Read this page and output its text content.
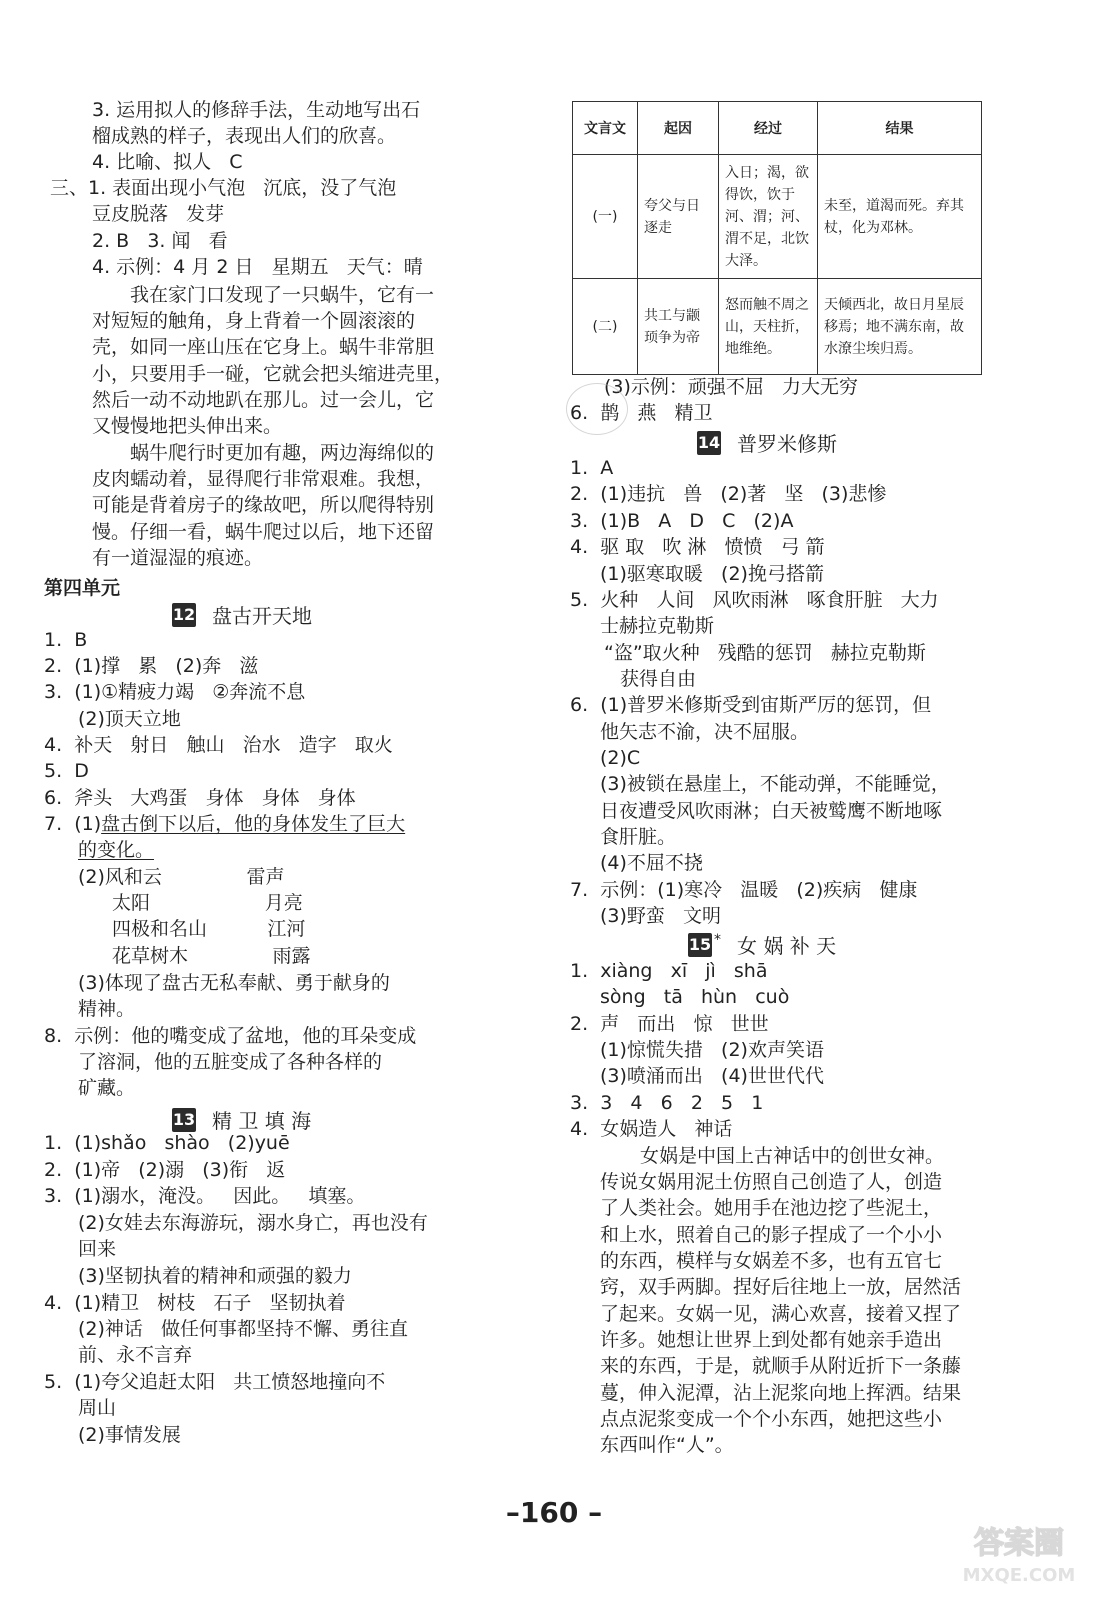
3. 运用拟人的修辞手法，生动地写出石
榴成熟的样子，表现出人们的欣喜。
4. 比喻、拟人   C
三、1. 表面出现小气泡   沉底，没了气泡
豆皮脱落   发芽
2. B   3. 闻   看
4. 示例：4 月 2 日   星期五   天气：晴
我在家门口发现了一只蜗牛，它有一
对短短的触角，身上背着一个圆滚滚的
壳，如同一座山压在它身上。蜗牛非常胆
小，只要用手一碰，它就会把头缩进壳里，
然后一动不动地趴在那儿。过一会儿，它
又慢慢地把头伸出来。
蜗牛爬行时更加有趣，两边海绵似的
皮肉蠕动着，显得爬行非常艰难。我想，
可能是背着房子的缘故吧，所以爬得特别
慢。仔细一看，蜗牛爬过以后，地下还留
有一道湿湿的痕迹。
1.  B
2.  (1)撑   累   (2)奔   滋
3.  (1)①精疲力竭   ②奔流不息
(2)顶天立地
4.  补天   射日   触山   治水   造字   取火
5.  D
6.  斧头   大鸡蛋   身体   身体   身体
7.  (1)盘古倒下以后，他的身体发生了巨大
的变化。
(2)风和云              雷声
太阳                   月亮
四极和名山          江河
花草树木              雨露
(3)体现了盘古无私奉献、勇于献身的
精神。
8.  示例：他的嘴变成了盆地，他的耳朵变成
了溶洞，他的五脏变成了各种各样的
矿藏。
1.  (1)shǎo   shào   (2)yuē
2.  (1)帝   (2)溺   (3)衔   返
3.  (1)溺水，淹没。   因此。   填塞。
(2)女娃去东海游玩，溺水身亡，再也没有
回来
(3)坚韧执着的精神和顽强的毅力
4.  (1)精卫   树枝   石子   坚韧执着
(2)神话   做任何事都坚持不懈、勇往直
前、永不言弃
5.  (1)夸父追赶太阳   共工愤怒地撞向不
周山
(2)事情发展
(3)示例：顽强不屈   力大无穷
6.  鹊   燕   精卫
1.  A
2.  (1)违抗   兽   (2)著   坚   (3)悲惨
3.  (1)B   A   D   C   (2)A
4.  驱 取   吹 淋   愤愤   弓 箭
(1)驱寒取暖   (2)挽弓搭箭
5.  火种   人间   风吹雨淋   啄食肝脏   大力
士赫拉克勒斯
“盗”取火种   残酷的惩罚   赫拉克勒斯
获得自由
6.  (1)普罗米修斯受到宙斯严厉的惩罚，但
他矢志不渝，决不屈服。
(2)C
(3)被锁在悬崖上，不能动弹，不能睡觉，
日夜遭受风吹雨淋；白天被鹫鹰不断地啄
食肝脏。
(4)不屈不挠
7.  示例：(1)寒冷   温暖   (2)疾病   健康
(3)野蛮   文明
1.  xiàng   xī   jì   shā
sòng   tā   hùn   cuò
2.  声   而出   惊   世世
(1)惊慌失措   (2)欢声笑语
(3)喷涌而出   (4)世世代代
3.  3   4   6   2   5   1
4.  女娲造人   神话
女娲是中国上古神话中的创世女神。
传说女娲用泥土仿照自己创造了人，创造
了人类社会。她用手在池边挖了些泥土，
和上水，照着自己的影子捏成了一个小小
的东西，模样与女娲差不多，也有五官七
窍，双手两脚。捏好后往地上一放，居然活
了起来。女娲一见，满心欢喜，接着又捏了
许多。她想让世界上到处都有她亲手造出
来的东西，于是，就顺手从附近折下一条藤
蔓，伸入泥潭，沾上泥浆向地上挥洒。结果
点点泥浆变成一个个小东西，她把这些小
东西叫作“人”。
第四单元
12 盘古开天地
13 精 卫 填 海
14 普罗米修斯
15 * 女 娲 补 天
文言文	起因	经过	结果
(一)	夸父与日逐走	入日；渴，欲得饮，饮于河、渭；河、渭不足，北饮大泽。	未至，道渴而死。弃其杖，化为邓林。
(二)	共工与颛顼争为帝	怒而触不周之山，天柱折，地维绝。	天倾西北，故日月星辰移焉；地不满东南，故水潦尘埃归焉。
–160 –
答案圈
MXQE.COM
